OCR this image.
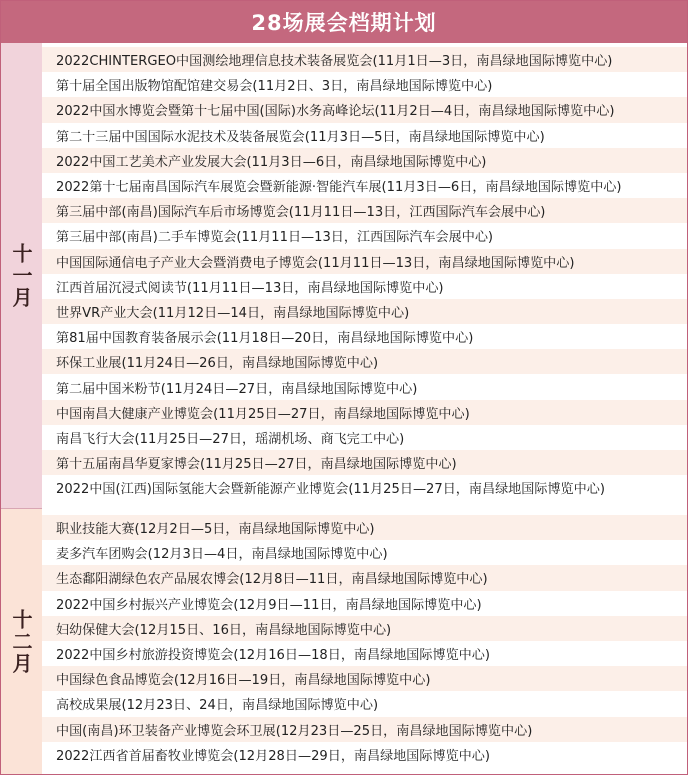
28场展会档期计划
十一月
2022CHINTERGEO中国测绘地理信息技术装备展览会(11月1日—3日，南昌绿地国际博览中心)
第十届全国出版物馆配馆建交易会(11月2日、3日，南昌绿地国际博览中心)
2022中国水博览会暨第十七届中国(国际)水务高峰论坛(11月2日—4日，南昌绿地国际博览中心)
第二十三届中国国际水泥技术及装备展览会(11月3日—5日，南昌绿地国际博览中心)
2022中国工艺美术产业发展大会(11月3日—6日，南昌绿地国际博览中心)
2022第十七届南昌国际汽车展览会暨新能源·智能汽车展(11月3日—6日，南昌绿地国际博览中心)
第三届中部(南昌)国际汽车后市场博览会(11月11日—13日，江西国际汽车会展中心)
第三届中部(南昌)二手车博览会(11月11日—13日，江西国际汽车会展中心)
中国国际通信电子产业大会暨消费电子博览会(11月11日—13日，南昌绿地国际博览中心)
江西首届沉浸式阅读节(11月11日—13日，南昌绿地国际博览中心)
世界VR产业大会(11月12日—14日，南昌绿地国际博览中心)
第81届中国教育装备展示会(11月18日—20日，南昌绿地国际博览中心)
环保工业展(11月24日—26日，南昌绿地国际博览中心)
第二届中国米粉节(11月24日—27日，南昌绿地国际博览中心)
中国南昌大健康产业博览会(11月25日—27日，南昌绿地国际博览中心)
南昌飞行大会(11月25日—27日，瑶湖机场、商飞完工中心)
第十五届南昌华夏家博会(11月25日—27日，南昌绿地国际博览中心)
2022中国(江西)国际氢能大会暨新能源产业博览会(11月25日—27日，南昌绿地国际博览中心)
十二月
职业技能大赛(12月2日—5日，南昌绿地国际博览中心)
麦多汽车团购会(12月3日—4日，南昌绿地国际博览中心)
生态鄱阳湖绿色农产品展农博会(12月8日—11日，南昌绿地国际博览中心)
2022中国乡村振兴产业博览会(12月9日—11日，南昌绿地国际博览中心)
妇幼保健大会(12月15日、16日，南昌绿地国际博览中心)
2022中国乡村旅游投资博览会(12月16日—18日，南昌绿地国际博览中心)
中国绿色食品博览会(12月16日—19日，南昌绿地国际博览中心)
高校成果展(12月23日、24日，南昌绿地国际博览中心)
中国(南昌)环卫装备产业博览会环卫展(12月23日—25日，南昌绿地国际博览中心)
2022江西省首届畜牧业博览会(12月28日—29日，南昌绿地国际博览中心)
